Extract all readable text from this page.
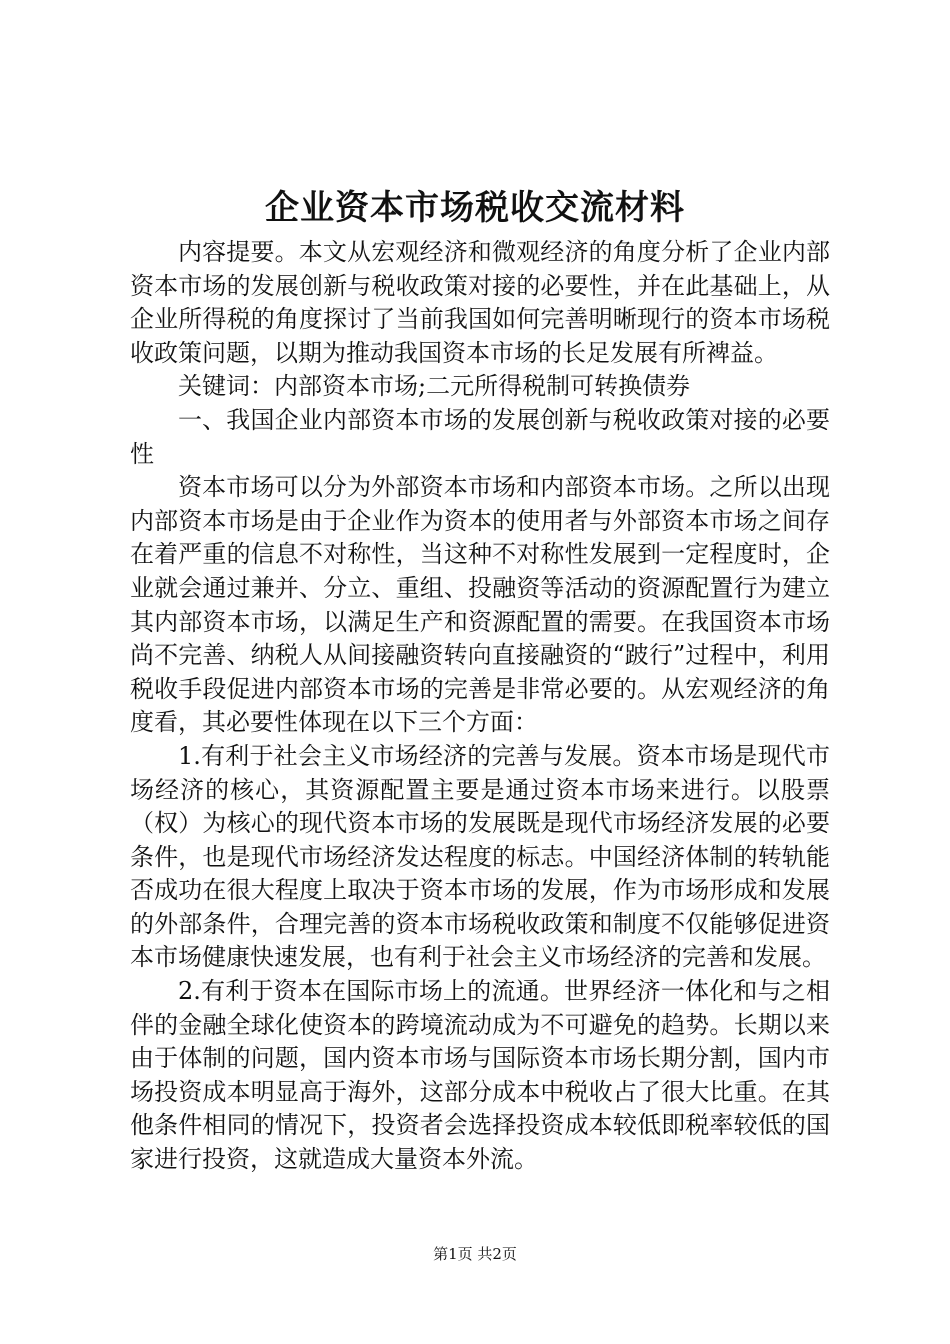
企业资本市场税收交流材料

内容提要。本文从宏观经济和微观经济的角度分析了企业内部资本市场的发展创新与税收政策对接的必要性，并在此基础上，从企业所得税的角度探讨了当前我国如何完善明晰现行的资本市场税收政策问题，以期为推动我国资本市场的长足发展有所裨益。

关键词：内部资本市场;二元所得税制可转换债券

一、我国企业内部资本市场的发展创新与税收政策对接的必要性

资本市场可以分为外部资本市场和内部资本市场。之所以出现内部资本市场是由于企业作为资本的使用者与外部资本市场之间存在着严重的信息不对称性，当这种不对称性发展到一定程度时，企业就会通过兼并、分立、重组、投融资等活动的资源配置行为建立其内部资本市场，以满足生产和资源配置的需要。在我国资本市场尚不完善、纳税人从间接融资转向直接融资的“跛行”过程中，利用税收手段促进内部资本市场的完善是非常必要的。从宏观经济的角度看，其必要性体现在以下三个方面：

1.有利于社会主义市场经济的完善与发展。资本市场是现代市场经济的核心，其资源配置主要是通过资本市场来进行。以股票（权）为核心的现代资本市场的发展既是现代市场经济发展的必要条件，也是现代市场经济发达程度的标志。中国经济体制的转轨能否成功在很大程度上取决于资本市场的发展，作为市场形成和发展的外部条件，合理完善的资本市场税收政策和制度不仅能够促进资本市场健康快速发展，也有利于社会主义市场经济的完善和发展。

2.有利于资本在国际市场上的流通。世界经济一体化和与之相伴的金融全球化使资本的跨境流动成为不可避免的趋势。长期以来由于体制的问题，国内资本市场与国际资本市场长期分割，国内市场投资成本明显高于海外，这部分成本中税收占了很大比重。在其他条件相同的情况下，投资者会选择投资成本较低即税率较低的国家进行投资，这就造成大量资本外流。

第1页 共2页
